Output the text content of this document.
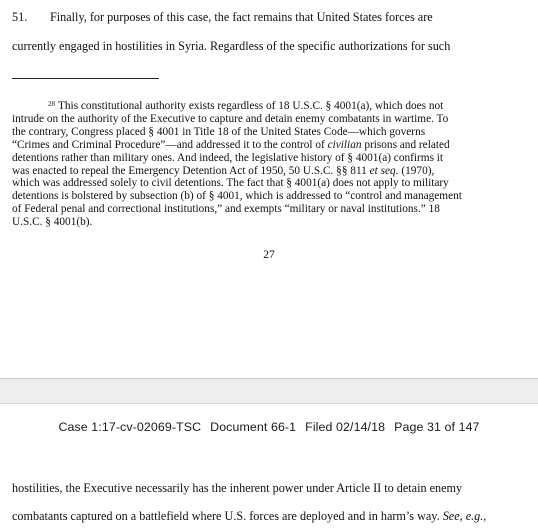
51. Finally, for purposes of this case, the fact remains that United States forces are
currently engaged in hostilities in Syria. Regardless of the specific authorizations for such
$^{28}$ This constitutional authority exists regardless of 18 U.S.C. § 4001(a), which does not
intrude on the authority of the Executive to capture and detain enemy combatants in wartime. To
the contrary, Congress placed § 4001 in Title 18 of the United States Code—which governs
“Crimes and Criminal Procedure”—and addressed it to the control of civilian prisons and related
detentions rather than military ones. And indeed, the legislative history of § 4001(a) confirms it
was enacted to repeal the Emergency Detention Act of 1950, 50 U.S.C. §§ 811 et seq. (1970),
which was addressed solely to civil detentions. The fact that § 4001(a) does not apply to military
detentions is bolstered by subsection (b) of § 4001, which is addressed to “control and management
of Federal penal and correctional institutions,” and exempts “military or naval institutions.” 18
U.S.C. § 4001(b).
27
Case 1:17-cv-02069-TSC Document 66-1 Filed 02/14/18 Page 31 of 147
hostilities, the Executive necessarily has the inherent power under Article II to detain enemy
combatants captured on a battlefield where U.S. forces are deployed and in harm’s way. See, e.g.,
